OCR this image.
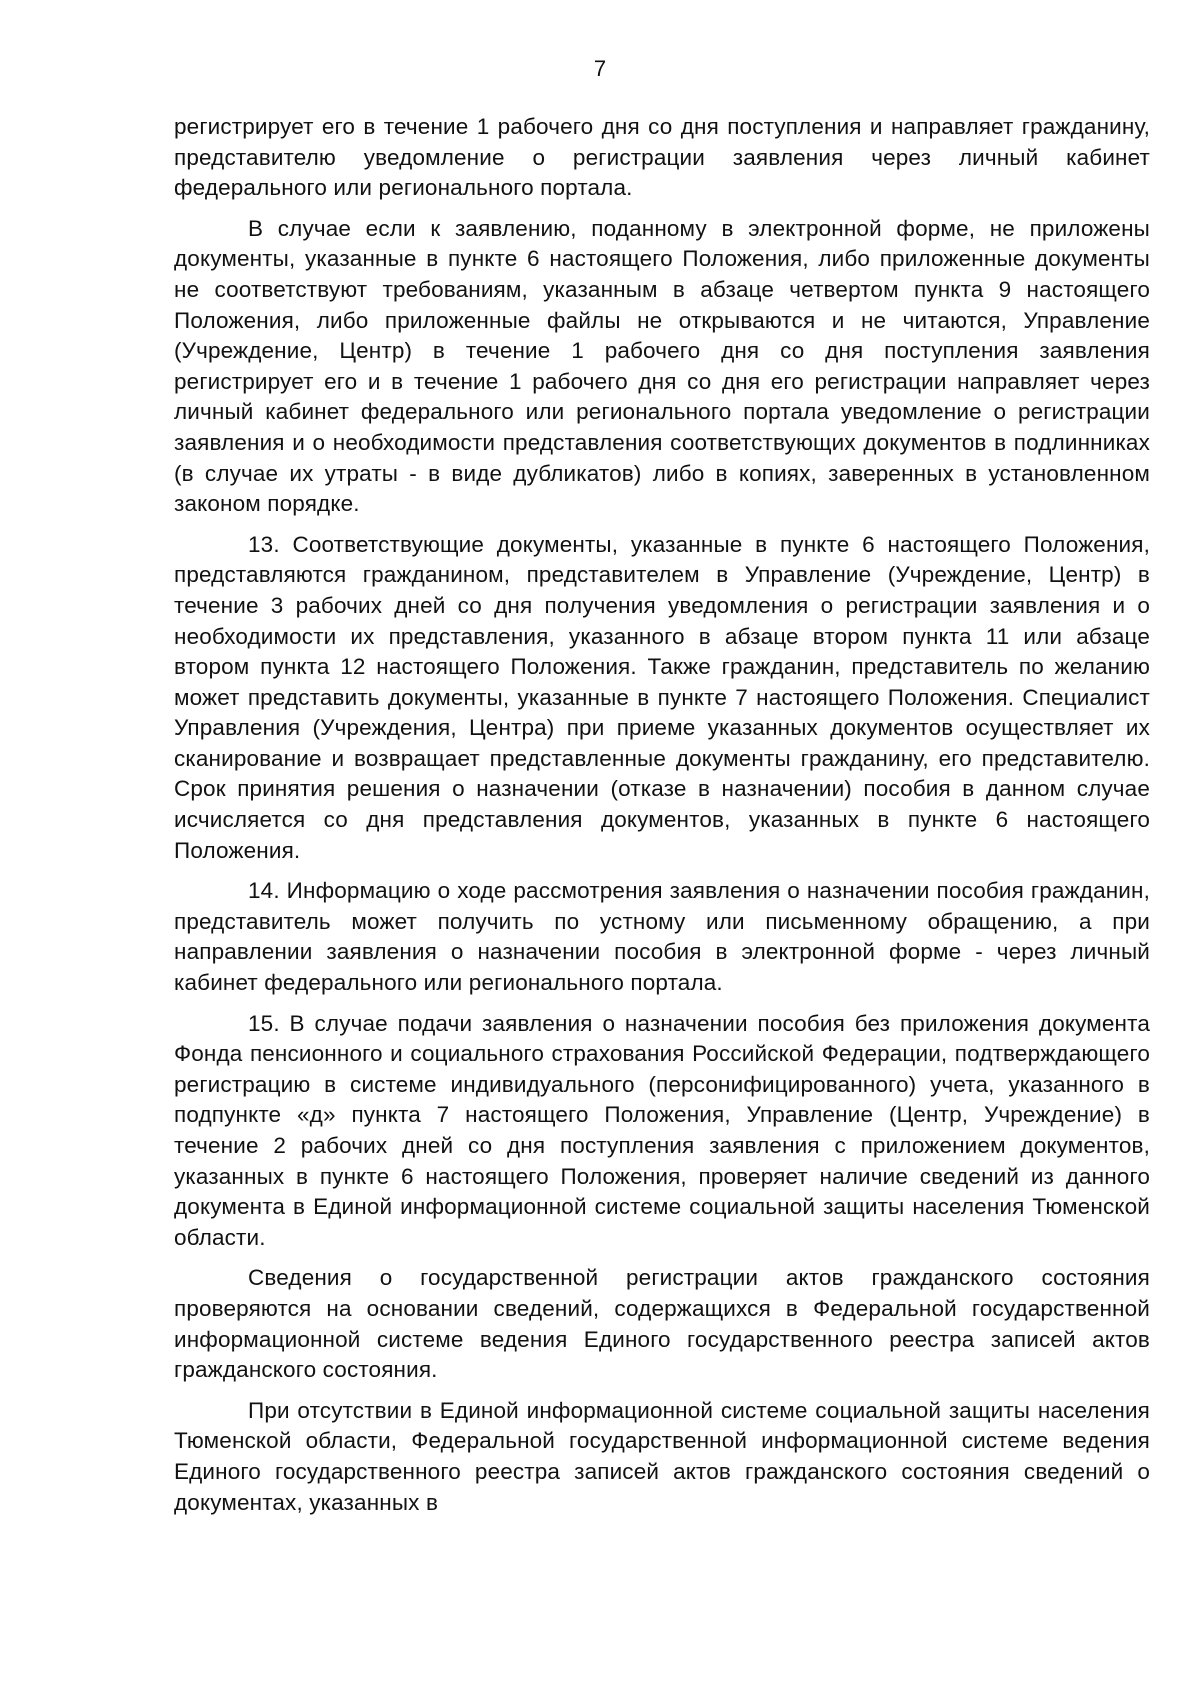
7

регистрирует его в течение 1 рабочего дня со дня поступления и направляет гражданину, представителю уведомление о регистрации заявления через личный кабинет федерального или регионального портала.

В случае если к заявлению, поданному в электронной форме, не приложены документы, указанные в пункте 6 настоящего Положения, либо приложенные документы не соответствуют требованиям, указанным в абзаце четвертом пункта 9 настоящего Положения, либо приложенные файлы не открываются и не читаются, Управление (Учреждение, Центр) в течение 1 рабочего дня со дня поступления заявления регистрирует его и в течение 1 рабочего дня со дня его регистрации направляет через личный кабинет федерального или регионального портала уведомление о регистрации заявления и о необходимости представления соответствующих документов в подлинниках (в случае их утраты - в виде дубликатов) либо в копиях, заверенных в установленном законом порядке.

13. Соответствующие документы, указанные в пункте 6 настоящего Положения, представляются гражданином, представителем в Управление (Учреждение, Центр) в течение 3 рабочих дней со дня получения уведомления о регистрации заявления и о необходимости их представления, указанного в абзаце втором пункта 11 или абзаце втором пункта 12 настоящего Положения. Также гражданин, представитель по желанию может представить документы, указанные в пункте 7 настоящего Положения. Специалист Управления (Учреждения, Центра) при приеме указанных документов осуществляет их сканирование и возвращает представленные документы гражданину, его представителю. Срок принятия решения о назначении (отказе в назначении) пособия в данном случае исчисляется со дня представления документов, указанных в пункте 6 настоящего Положения.

14. Информацию о ходе рассмотрения заявления о назначении пособия гражданин, представитель может получить по устному или письменному обращению, а при направлении заявления о назначении пособия в электронной форме - через личный кабинет федерального или регионального портала.

15. В случае подачи заявления о назначении пособия без приложения документа Фонда пенсионного и социального страхования Российской Федерации, подтверждающего регистрацию в системе индивидуального (персонифицированного) учета, указанного в подпункте «д» пункта 7 настоящего Положения, Управление (Центр, Учреждение) в течение 2 рабочих дней со дня поступления заявления с приложением документов, указанных в пункте 6 настоящего Положения, проверяет наличие сведений из данного документа в Единой информационной системе социальной защиты населения Тюменской области.

Сведения о государственной регистрации актов гражданского состояния проверяются на основании сведений, содержащихся в Федеральной государственной информационной системе ведения Единого государственного реестра записей актов гражданского состояния.

При отсутствии в Единой информационной системе социальной защиты населения Тюменской области, Федеральной государственной информационной системе ведения Единого государственного реестра записей актов гражданского состояния сведений о документах, указанных в
